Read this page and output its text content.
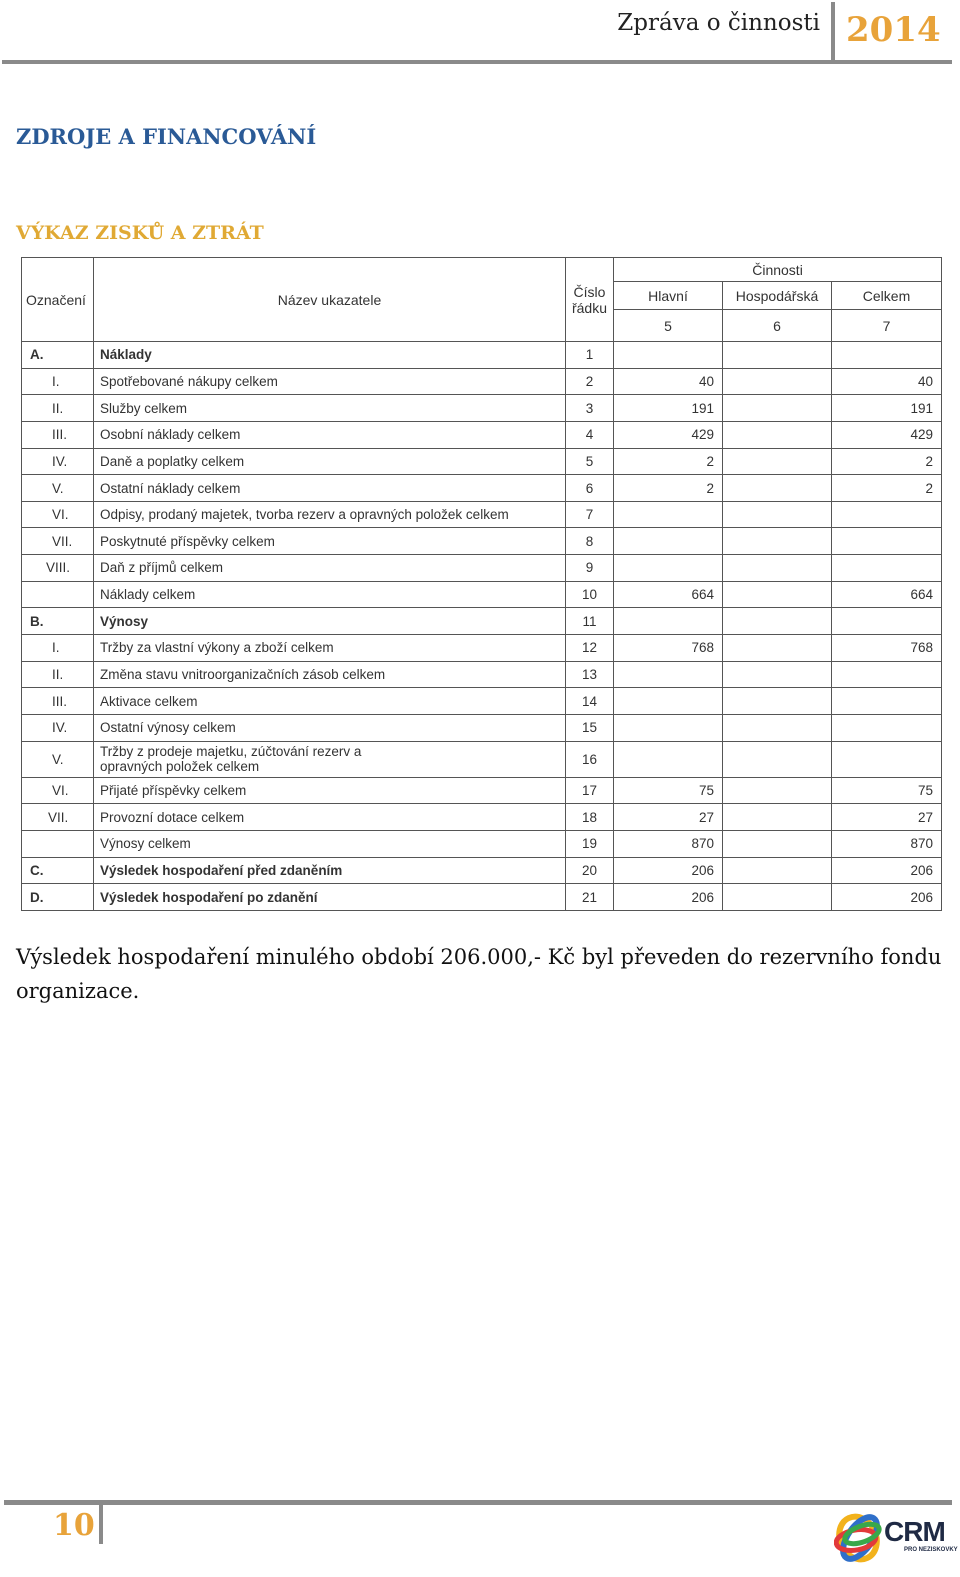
Zpráva o činnosti 2014
ZDROJE A FINANCOVÁNÍ
VÝKAZ ZISKŮ A ZTRÁT
Označení	Název ukazatele	Číslo řádku	Činnosti		
			Hlavní	Hospodářská	Celkem
			5	6	7
A.	Náklady	1			
I.	Spotřebované nákupy celkem	2	40		40
II.	Služby celkem	3	191		191
III.	Osobní náklady celkem	4	429		429
IV.	Daně a poplatky celkem	5	2		2
V.	Ostatní náklady celkem	6	2		2
VI.	Odpisy, prodaný majetek, tvorba rezerv a opravných položek celkem	7			
VII.	Poskytnuté příspěvky celkem	8			
VIII.	Daň z příjmů celkem	9			
	Náklady celkem	10	664		664
B.	Výnosy	11			
I.	Tržby za vlastní výkony a zboží celkem	12	768		768
II.	Změna stavu vnitroorganizačních zásob celkem	13			
III.	Aktivace celkem	14			
IV.	Ostatní výnosy celkem	15			
V.	Tržby z prodeje majetku, zúčtování rezerv a opravných položek celkem	16			
VI.	Přijaté příspěvky celkem	17	75		75
VII.	Provozní dotace celkem	18	27		27
	Výnosy celkem	19	870		870
C.	Výsledek hospodaření před zdaněním	20	206		206
D.	Výsledek hospodaření po zdanění	21	206		206

Výsledek hospodaření minulého období 206.000,- Kč byl převeden do rezervního fondu organizace.

10	CRM
PRO NEZISKOVKY
